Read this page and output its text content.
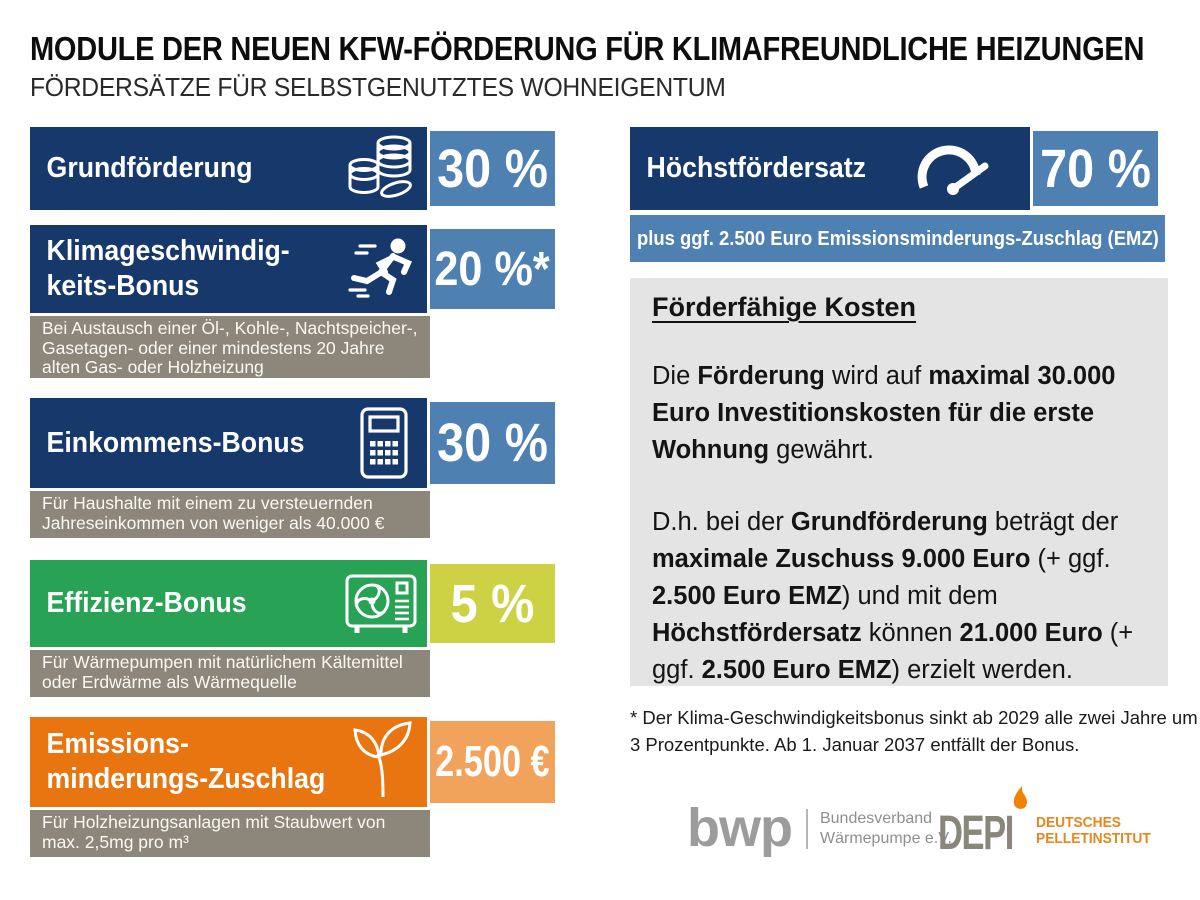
MODULE DER NEUEN KFW-FÖRDERUNG FÜR KLIMAFREUNDLICHE HEIZUNGEN
FÖRDERSÄTZE FÜR SELBSTGENUTZTES WOHNEIGENTUM
Grundförderung	30 %
Klimageschwindig-
keits-Bonus	20 %*
Bei Austausch einer Öl-, Kohle-, Nachtspeicher-, Gasetagen- oder einer mindestens 20 Jahre alten Gas- oder Holzheizung
Einkommens-Bonus 30 %
Für Haushalte mit einem zu versteuernden Jahreseinkommen von weniger als 40.000 €
Effizienz-Bonus	5 %
Für Wärmepumpen mit natürlichem Kältemittel oder Erdwärme als Wärmequelle
Emissions-
minderungs-Zuschlag 2.500 €
Für Holzheizungsanlagen mit Staubwert von max. 2,5mg pro m³
Höchstfördersatz	70 %
plus ggf. 2.500 Euro Emissionsminderungs-Zuschlag (EMZ)
Förderfähige Kosten

Die Förderung wird auf maximal 30.000 Euro Investitionskosten für die erste Wohnung gewährt.

D.h. bei der Grundförderung beträgt der maximale Zuschuss 9.000 Euro (+ ggf. 2.500 Euro EMZ) und mit dem Höchstfördersatz können 21.000 Euro (+ ggf. 2.500 Euro EMZ) erzielt werden.

* Der Klima-Geschwindigkeitsbonus sinkt ab 2029 alle zwei Jahre um 3 Prozentpunkte. Ab 1. Januar 2037 entfällt der Bonus.
bwp Bundesverband
Wärmepumpe e.V.
DEPI DEUTSCHES
PELLETINSTITUT
